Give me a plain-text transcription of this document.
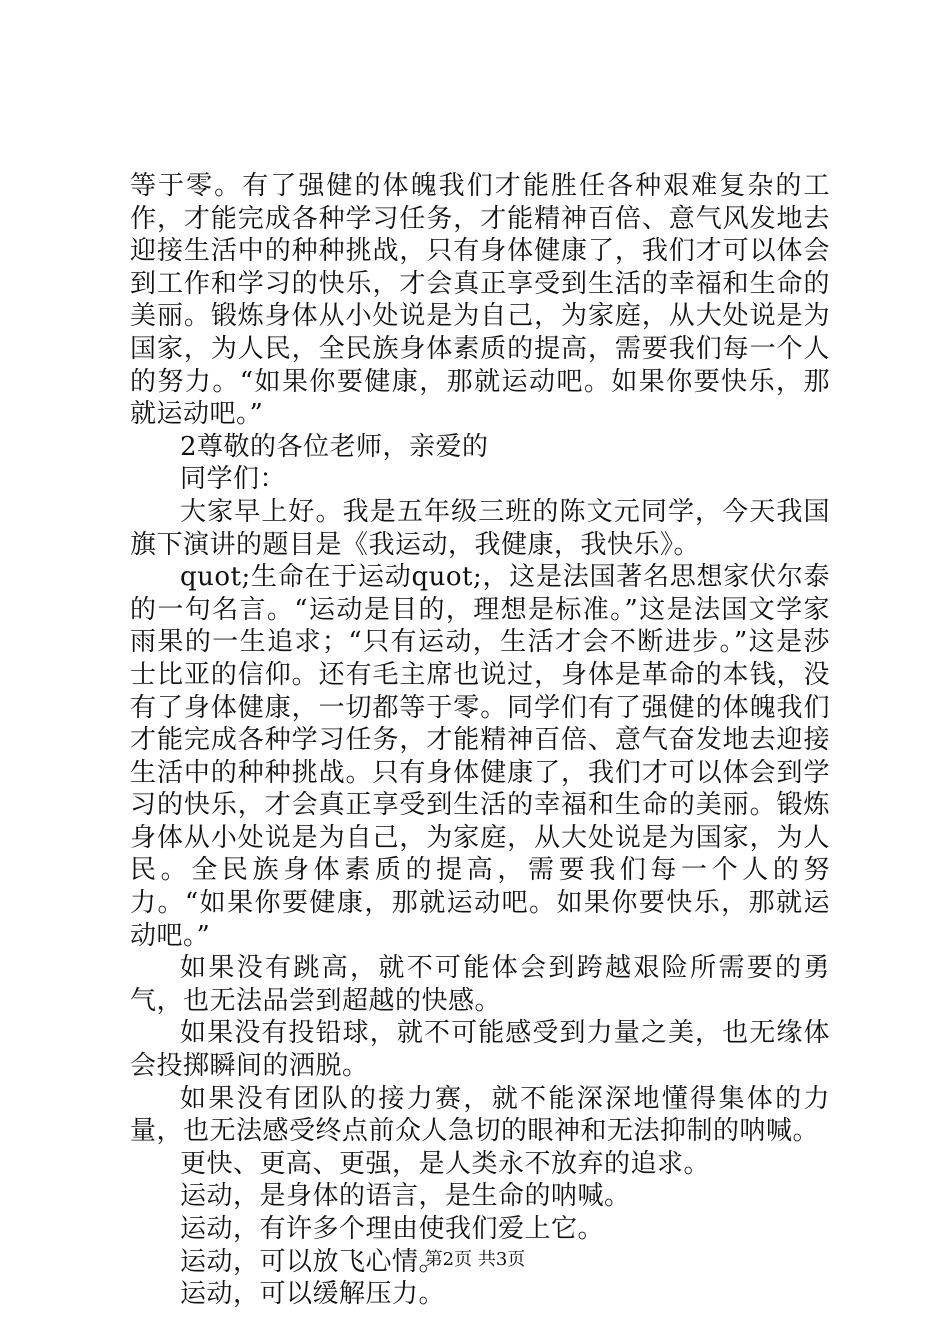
等于零。有了强健的体魄我们才能胜任各种艰难复杂的工作，才能完成各种学习任务，才能精神百倍、意气风发地去迎接生活中的种种挑战，只有身体健康了，我们才可以体会到工作和学习的快乐，才会真正享受到生活的幸福和生命的美丽。锻炼身体从小处说是为自己，为家庭，从大处说是为国家，为人民，全民族身体素质的提高，需要我们每一个人的努力。“如果你要健康，那就运动吧。如果你要快乐，那就运动吧。”

2尊敬的各位老师，亲爱的

同学们：

大家早上好。我是五年级三班的陈文元同学，今天我国旗下演讲的题目是《我运动，我健康，我快乐》。

quot;生命在于运动quot;，这是法国著名思想家伏尔泰的一句名言。“运动是目的，理想是标准。”这是法国文学家雨果的一生追求；“只有运动，生活才会不断进步。”这是莎士比亚的信仰。还有毛主席也说过，身体是革命的本钱，没有了身体健康，一切都等于零。同学们有了强健的体魄我们才能完成各种学习任务，才能精神百倍、意气奋发地去迎接生活中的种种挑战。只有身体健康了，我们才可以体会到学习的快乐，才会真正享受到生活的幸福和生命的美丽。锻炼身体从小处说是为自己，为家庭，从大处说是为国家，为人民。全民族身体素质的提高，需要我们每一个人的努力。“如果你要健康，那就运动吧。如果你要快乐，那就运动吧。”

如果没有跳高，就不可能体会到跨越艰险所需要的勇气，也无法品尝到超越的快感。

如果没有投铅球，就不可能感受到力量之美，也无缘体会投掷瞬间的洒脱。

如果没有团队的接力赛，就不能深深地懂得集体的力量，也无法感受终点前众人急切的眼神和无法抑制的呐喊。

更快、更高、更强，是人类永不放弃的追求。

运动，是身体的语言，是生命的呐喊。

运动，有许多个理由使我们爱上它。

运动，可以放飞心情。

运动，可以缓解压力。

第2页 共3页
